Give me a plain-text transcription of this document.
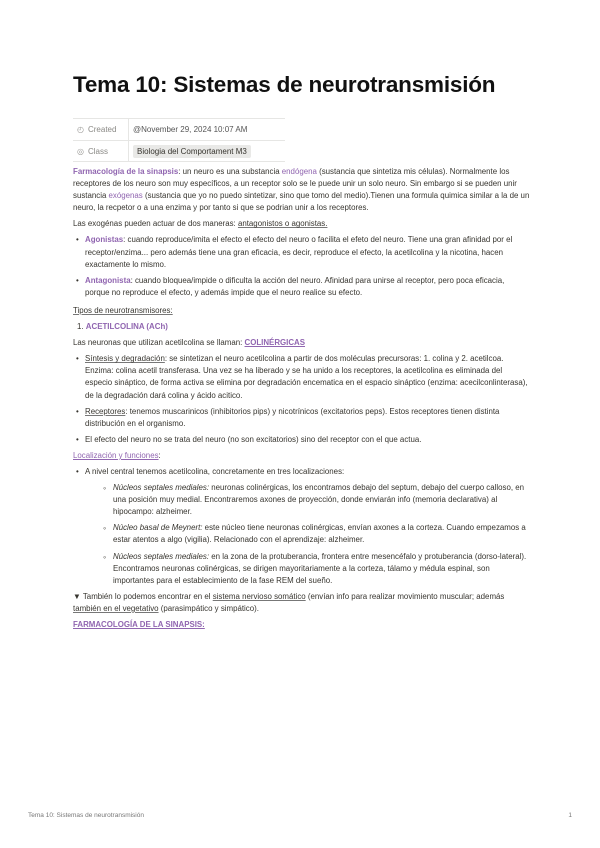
Tema 10: Sistemas de neurotransmisión
◴ Created	@November 29, 2024 10:07 AM
◎ Class	Biologia del Comportament M3

Farmacología de la sinapsis: un neuro es una substancia endógena (sustancia que sintetiza mis células). Normalmente los receptores de los neuro son muy específicos, a un receptor solo se le puede unir un solo neuro. Sin embargo si se pueden unir sustancia exógenas (sustancia que yo no puedo sintetizar, sino que tomo del medio).Tienen una formula quimica similar a la de un neuro, la recpetor o a una enzima y por tanto si que se podrian unir a los receptores.

Las exogénas pueden actuar de dos maneras: antagonistos o agonistas.

• Agonistas: cuando reproduce/imita el efecto el efecto del neuro o facilita el efeto del neuro. Tiene una gran afinidad por el receptor/enzima... pero además tiene una gran eficacia, es decir, reproduce el efecto, la acetilcolina y la nicotina, hacen exactamente lo mismo.
• Antagonista: cuando bloquea/impide o dificulta la acción del neuro. Afinidad para unirse al receptor, pero poca eficacia, porque no reproduce el efecto, y además impide que el neuro realice su efecto.

Tipos de neurotransmisores:

1. ACETILCOLINA (ACh)

Las neuronas que utilizan acetilcolina se llaman: COLINÉRGICAS

• Síntesis y degradación: se sintetizan el neuro acetilcolina a partir de dos moléculas precursoras: 1. colina y 2. acetilcoa. Enzima: colina acetil transferasa. Una vez se ha liberado y se ha unido a los receptores, la acetilcolina es eliminada del especio sináptico, de forma activa se elimina por degradación encematica en el espacio sináptico (enzima: acecilconlinterasa), de la degradación dará colina y ácido acitico.
• Receptores: tenemos muscarinicos (inhibitorios pips) y nicotrínicos (excitatorios peps). Estos receptores tienen distinta distribución en el organismo.
• El efecto del neuro no se trata del neuro (no son excitatorios) sino del receptor con el que actua.

Localización y funciones:

• A nivel central tenemos acetilcolina, concretamente en tres localizaciones:
◦ Núcleos septales mediales: neuronas colinérgicas, los encontramos debajo del septum, debajo del cuerpo calloso, en una posición muy medial. Encontraremos axones de proyección, donde enviarán info (memoria declarativa) al hipocampo: alzheimer.
◦ Núcleo basal de Meynert: este núcleo tiene neuronas colinérgicas, envían axones a la corteza. Cuando empezamos a estar atentos a algo (vigilia). Relacionado con el aprendizaje: alzheimer.
◦ Núcleos septales mediales: en la zona de la protuberancia, frontera entre mesencéfalo y protuberancia (dorso-lateral). Encontramos neuronas colinérgicas, se dirigen mayoritariamente a la corteza, tálamo y médula espinal, son importantes para el establecimiento de la fase REM del sueño.

▼ También lo podemos encontrar en el sistema nervioso somático (envían info para realizar movimiento muscular; además también en el vegetativo (parasimpático y simpático).

FARMACOLOGÍA DE LA SINAPSIS:

Tema 10: Sistemas de neurotransmisión	1
